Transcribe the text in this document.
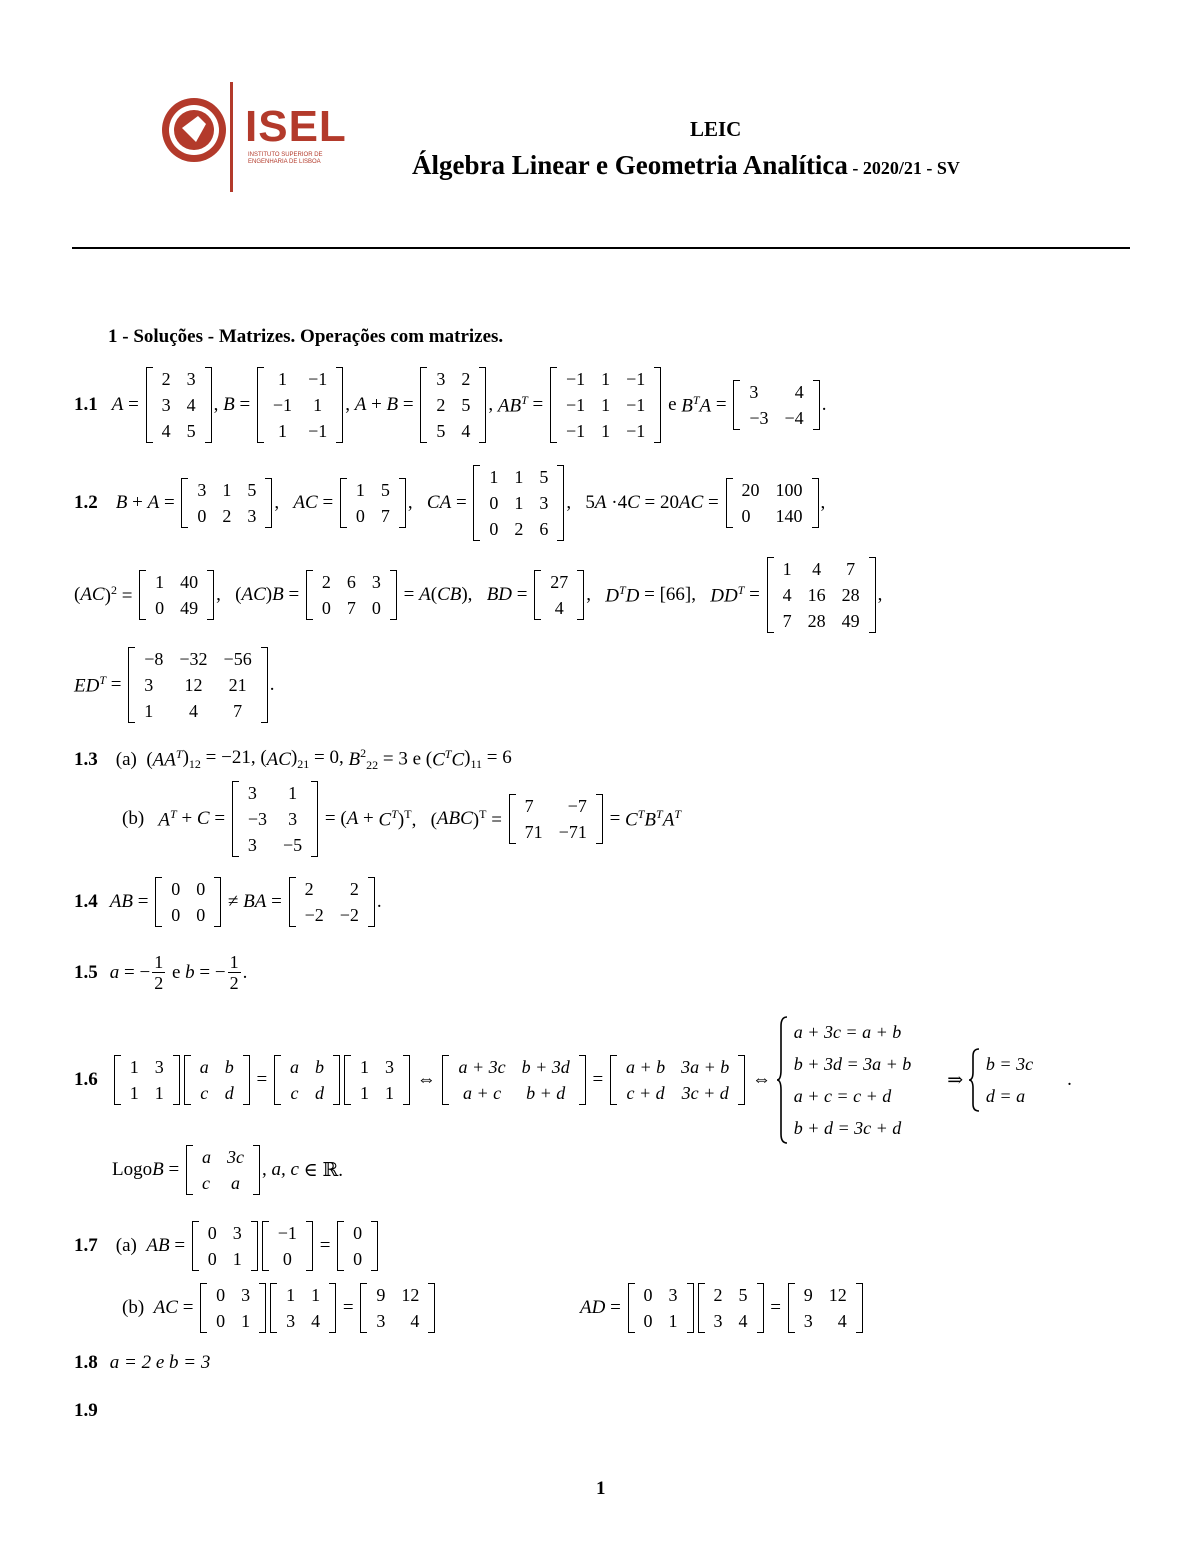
ISEL
INSTITUTO SUPERIOR DE ENGENHARIA DE LISBOA
LEIC
Álgebra Linear e Geometria Analítica - 2020/21 - SV
1 - Soluções - Matrizes. Operações com matrizes.
1.1 A =
2	3
3	4
4	5
, B =
1	−1
−1	1
1	−1
, A + B =
3	2
2	5
5	4
, $AB^T$ =
−1	1	−1
−1	1	−1
−1	1	−1
e $B^TA$ =
3	4
−3	−4
.
1.2 B + A =
3	1	5
0	2	3
, AC =
1	5
0	7
, CA =
1	1	5
0	1	3
0	2	6
,   5 A ·4 C = 20 AC =
20	100
0	140
,
( AC )$^2$ =
1	40
0	49
,   ( AC ) B =
2	6	3
0	7	0
= A ( CB ), BD =
27
4
, $D^TD = [66]$, $DD^T$ =
1	4	7
4	16	28
7	28	49
,
$ED^T$ =
−8	−32	−56
3	12	21
1	4	7
.
1.3 (a)  ( $AA^T$ )$_{12} = -21$, ( AC )$_{21} = 0$, B $^2_{22}$ = 3 e ( $C^TC$ )$_{11} = 6$
(b) $A^T + C$ =
3	1
−3	3
3	−5
= ( $A + C^T$ )$^T$,   ( ABC )$^T$ =
7	−7
71	−71
= $C^TB^TA^T$
1.4 AB =
0	0
0	0
≠ BA =
2	2
−2	−2
.
1.5 a = − $\frac{1}{2}$ e b = − $\frac{1}{2}$ .
1.6
1	3
1	1
a	b
c	d
=
a	b
c	d
1	3
1	1
⇔
a + 3c	b + 3d
a + c	b + d
=
a + b	3a + b
c + d	3c + d
⇔
a + 3c = a + b
b + 3d = 3a + b
a + c = c + d
b + d = 3c + d
⇒
b = 3c
d = a
.
Logo B =
a	3c
c	a
, a, c ∈ ℝ.
1.7 (a) AB =
0	3
0	1
−1
0
=
0
0
(b) AC =
0	3
0	1
1	1
3	4
=
9	12
3	4
AD =
0	3
0	1
2	5
3	4
=
9	12
3	4
1.8 a = 2 e b = 3
1.9
1
